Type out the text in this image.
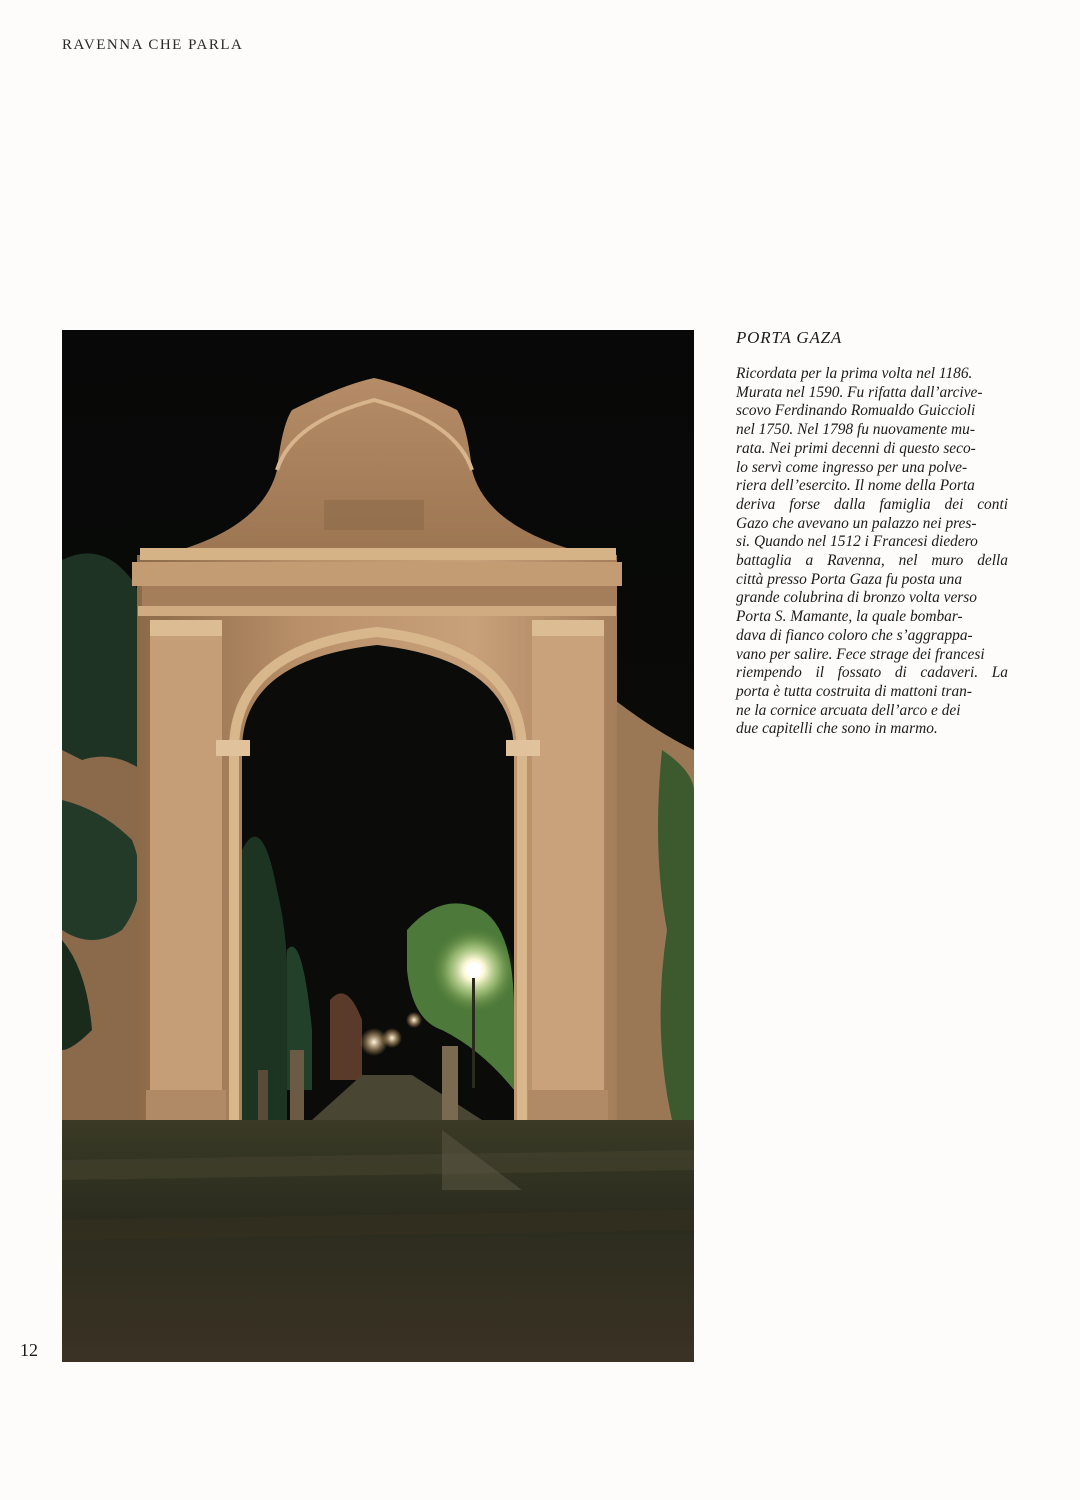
RAVENNA CHE PARLA
PORTA GAZA

Ricordata per la prima volta nel 1186.
Murata nel 1590. Fu rifatta dall’arcive-
scovo Ferdinando Romualdo Guiccioli
nel 1750. Nel 1798 fu nuovamente mu-
rata. Nei primi decenni di questo seco-
lo servì come ingresso per una polve-
riera dell’esercito. Il nome della Porta
deriva forse dalla famiglia dei conti
Gazo che avevano un palazzo nei pres-
si. Quando nel 1512 i Francesi diedero
battaglia a Ravenna, nel muro della
città presso Porta Gaza fu posta una
grande colubrina di bronzo volta verso
Porta S. Mamante, la quale bombar-
dava di fianco coloro che s’aggrappa-
vano per salire. Fece strage dei francesi
riempendo il fossato di cadaveri. La
porta è tutta costruita di mattoni tran-
ne la cornice arcuata dell’arco e dei
due capitelli che sono in marmo.

12
